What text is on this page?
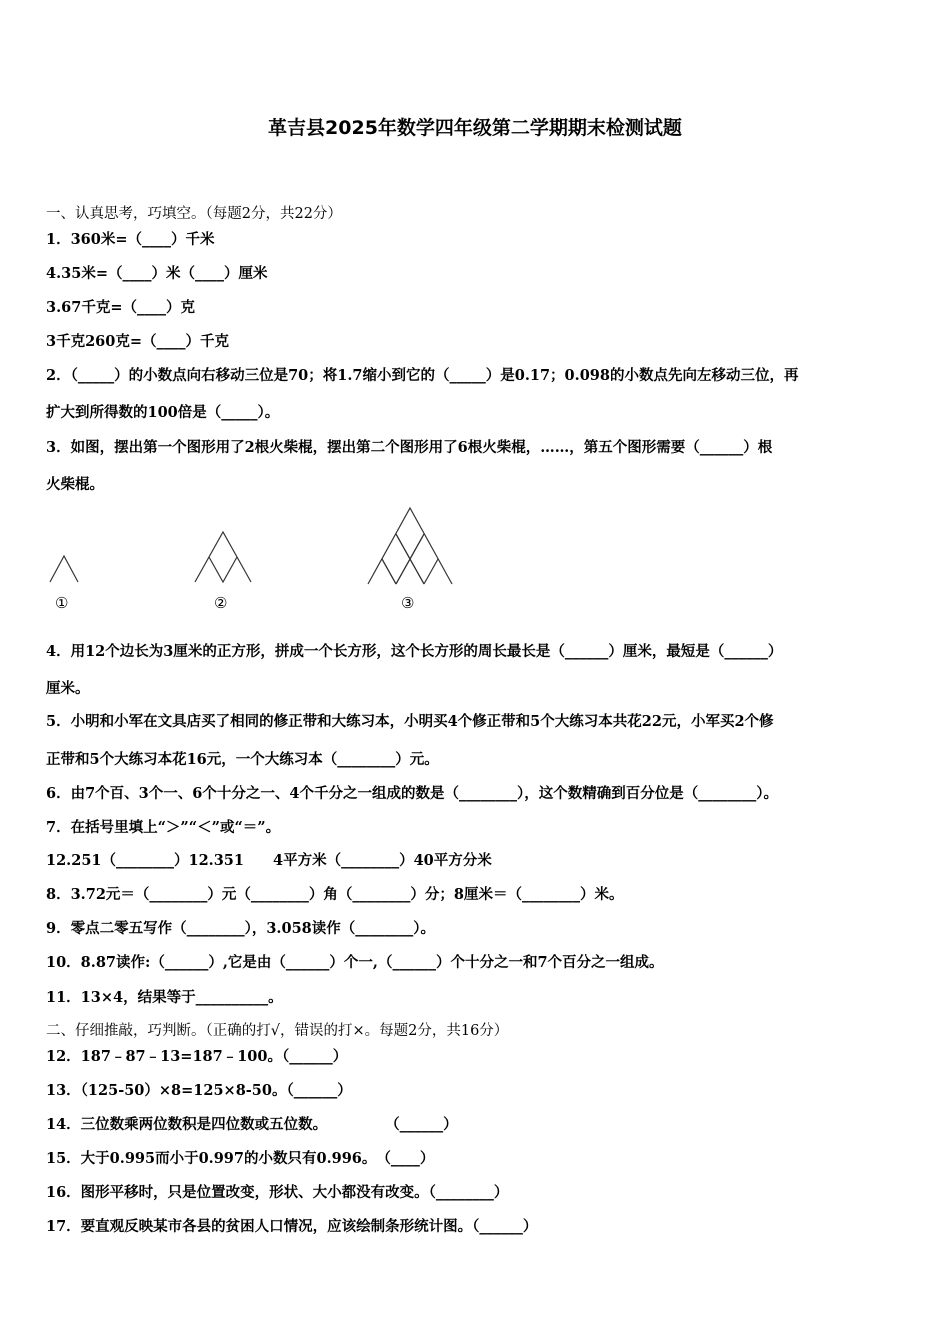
革吉县2025年数学四年级第二学期期末检测试题
一、认真思考，巧填空。（每题2分，共22分）
1．360米=（____）千米
4.35米=（____）米（____）厘米
3.67千克=（____）克
3千克260克=（____）千克
2．（_____）的小数点向右移动三位是70；将1.7缩小到它的（_____）是0.17；0.098的小数点先向左移动三位，再
扩大到所得数的100倍是（_____）。
3．如图，摆出第一个图形用了2根火柴棍，摆出第二个图形用了6根火柴棍，……，第五个图形需要（______）根
火柴棍。
①	②	③
4．用12个边长为3厘米的正方形，拼成一个长方形，这个长方形的周长最长是（______）厘米，最短是（______）
厘米。
5．小明和小军在文具店买了相同的修正带和大练习本，小明买4个修正带和5个大练习本共花22元，小军买2个修
正带和5个大练习本花16元，一个大练习本（________）元。
6．由7个百、3个一、6个十分之一、4个千分之一组成的数是（________），这个数精确到百分位是（________）。
7．在括号里填上“＞”“＜”或“＝”。
12.251（________）12.351　　4平方米（________）40平方分米
8．3.72元＝（________）元（________）角（________）分；8厘米＝（________）米。
9．零点二零五写作（________），3.058读作（________）。
10．8.87读作:（______）,它是由（______）个一,（______）个十分之一和7个百分之一组成。
11．13×4，结果等于__________。
二、仔细推敲，巧判断。（正确的打√，错误的打×。每题2分，共16分）
12．187﹣87﹣13=187﹣100。（______）
13．（125-50）×8=125×8-50。（______）
14．三位数乘两位数积是四位数或五位数。　　　　　（______）
15．大于0.995而小于0.997的小数只有0.996。　（____）
16．图形平移时，只是位置改变，形状、大小都没有改变。（________）
17．要直观反映某市各县的贫困人口情况，应该绘制条形统计图。（______）
